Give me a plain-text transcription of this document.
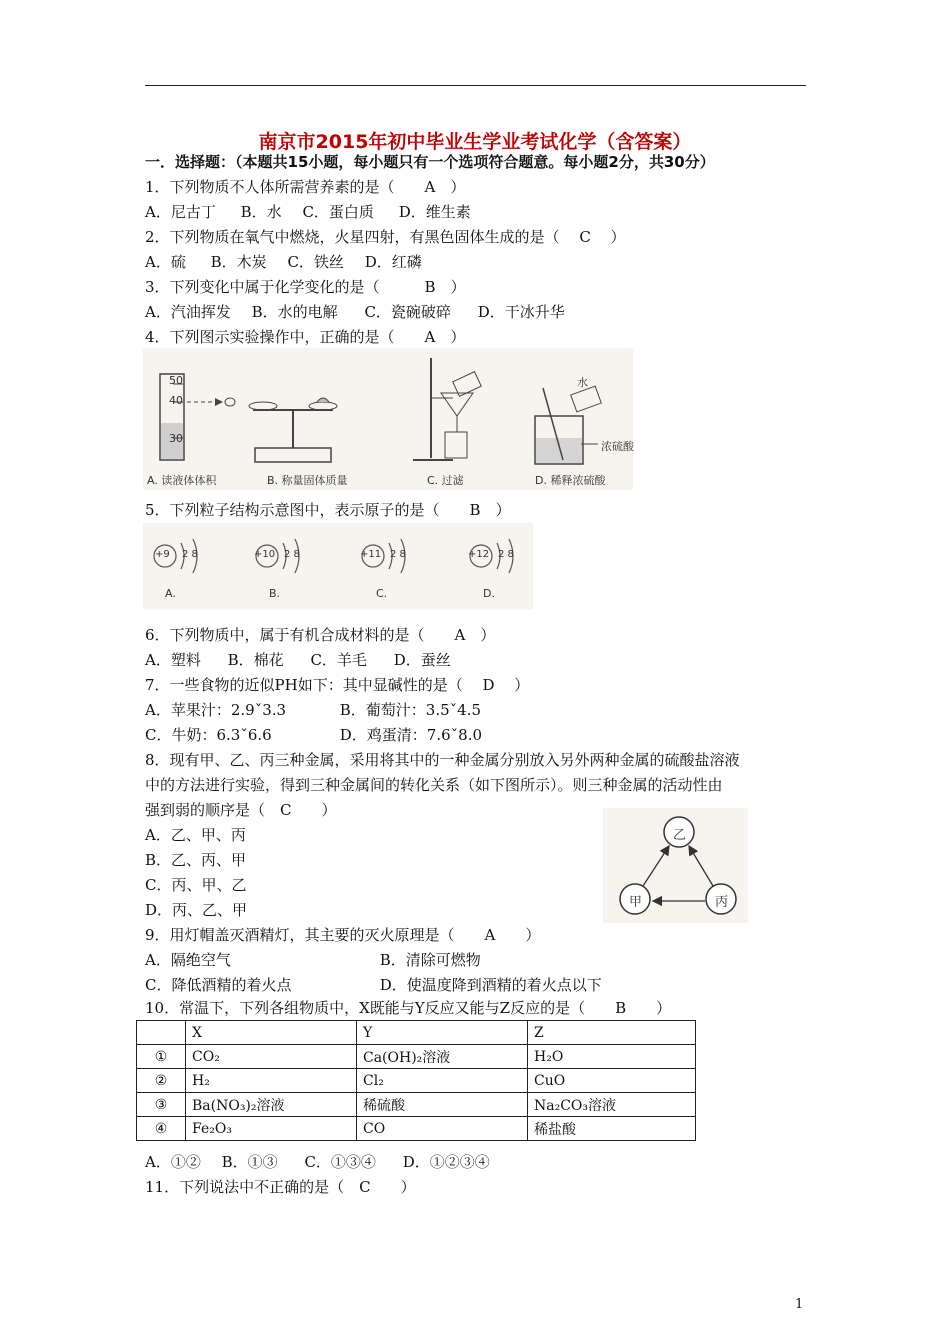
南京市2015年初中毕业生学业考试化学（含答案）
一．选择题：（本题共15小题，每小题只有一个选项符合题意。每小题2分，共30分）
1．下列物质不人体所需营养素的是（　　A　）
A．尼古丁 B．水 C．蛋白质 D．维生素
2．下列物质在氧气中燃烧，火星四射，有黑色固体生成的是（　 C　 ）
A．硫 B．木炭 C．铁丝 D．红磷
3．下列变化中属于化学变化的是（　　　B　）
A．汽油挥发 B．水的电解 C．瓷碗破碎 D．干冰升华
4．下列图示实验操作中，正确的是（　　A　）
50
40
30
水
浓硫酸
A. 读液体体积	B. 称量固体质量	C. 过滤	D. 稀释浓硫酸
5．下列粒子结构示意图中，表示原子的是（　　B　）
+9 2 8
A.
+10 2 8
B.
+11 2 8
C.
+12 2 8
D.
6．下列物质中，属于有机合成材料的是（　　A　）
A．塑料 B．棉花 C．羊毛 D．蚕丝
7．一些食物的近似PH如下：其中显碱性的是（　 D　 ）
A．苹果汁：2.9ˇ3.3	B．葡萄汁：3.5ˇ4.5
C．牛奶：6.3ˇ6.6	D．鸡蛋清：7.6ˇ8.0
8．现有甲、乙、丙三种金属，采用将其中的一种金属分别放入另外两种金属的硫酸盐溶液
中的方法进行实验，得到三种金属间的转化关系（如下图所示）。则三种金属的活动性由
强到弱的顺序是（　C　　）
A．乙、甲、丙
B．乙、丙、甲
C．丙、甲、乙
D．丙、乙、甲
乙
甲	丙
9．用灯帽盖灭酒精灯，其主要的灭火原理是（　　A　　）
A．隔绝空气	B．清除可燃物
C．降低酒精的着火点	D．使温度降到酒精的着火点以下
10．常温下，下列各组物质中，X既能与Y反应又能与Z反应的是（　　B　　）
	X	Y	Z
①	CO₂	Ca(OH)₂溶液	H₂O
②	H₂	Cl₂	CuO
③	Ba(NO₃)₂溶液	稀硫酸	Na₂CO₃溶液
④	Fe₂O₃	CO	稀盐酸
A．①② B．①③ C．①③④ D．①②③④
11．下列说法中不正确的是（　C　　）
1
